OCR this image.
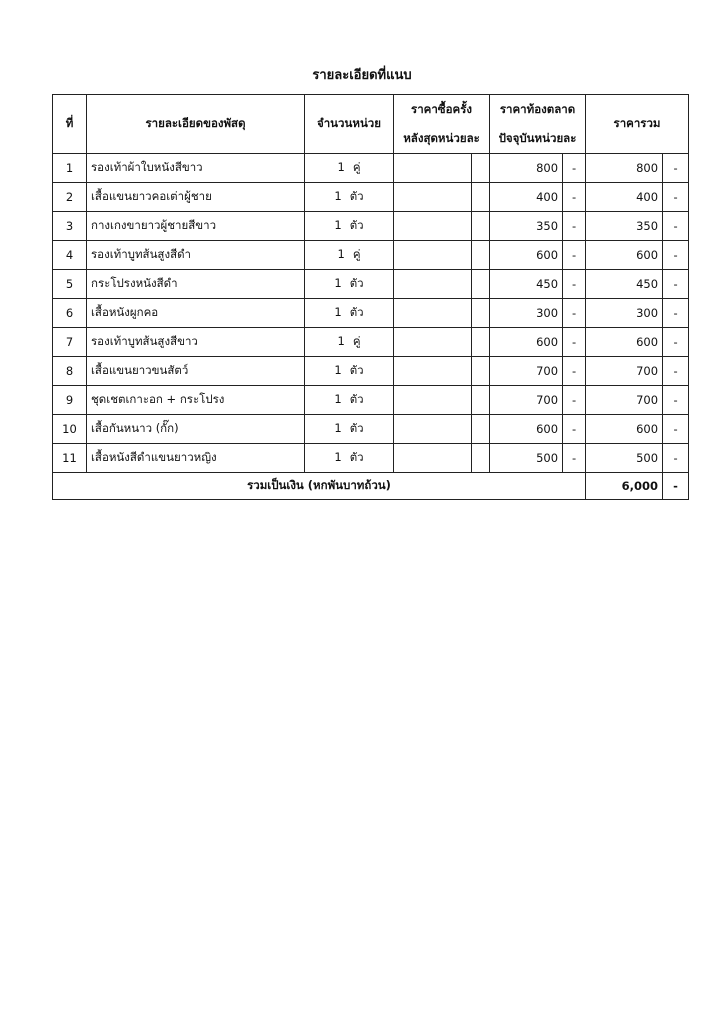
รายละเอียดที่แนบ
ที่	รายละเอียดของพัสดุ	จำนวนหน่วย	ราคาซื้อครั้ง		ราคาท้องตลาด		ราคารวม	
			หลังสุดหน่วยละ		ปัจจุบันหน่วยละ			
1	รองเท้าผ้าใบหนังสีขาว	1 คู่			800	-	800	-
2	เสื้อแขนยาวคอเต่าผู้ชาย	1 ตัว			400	-	400	-
3	กางเกงขายาวผู้ชายสีขาว	1 ตัว			350	-	350	-
4	รองเท้าบูทส้นสูงสีดำ	1 คู่			600	-	600	-
5	กระโปรงหนังสีดำ	1 ตัว			450	-	450	-
6	เสื้อหนังผูกคอ	1 ตัว			300	-	300	-
7	รองเท้าบูทส้นสูงสีขาว	1 คู่			600	-	600	-
8	เสื้อแขนยาวขนสัตว์	1 ตัว			700	-	700	-
9	ชุดเชตเกาะอก + กระโปรง	1 ตัว			700	-	700	-
10	เสื้อกันหนาว (กั๊ก)	1 ตัว			600	-	600	-
11	เสื้อหนังสีดำแขนยาวหญิง	1 ตัว			500	-	500	-
รวมเป็นเงิน (หกพันบาทถ้วน)							6,000	-
